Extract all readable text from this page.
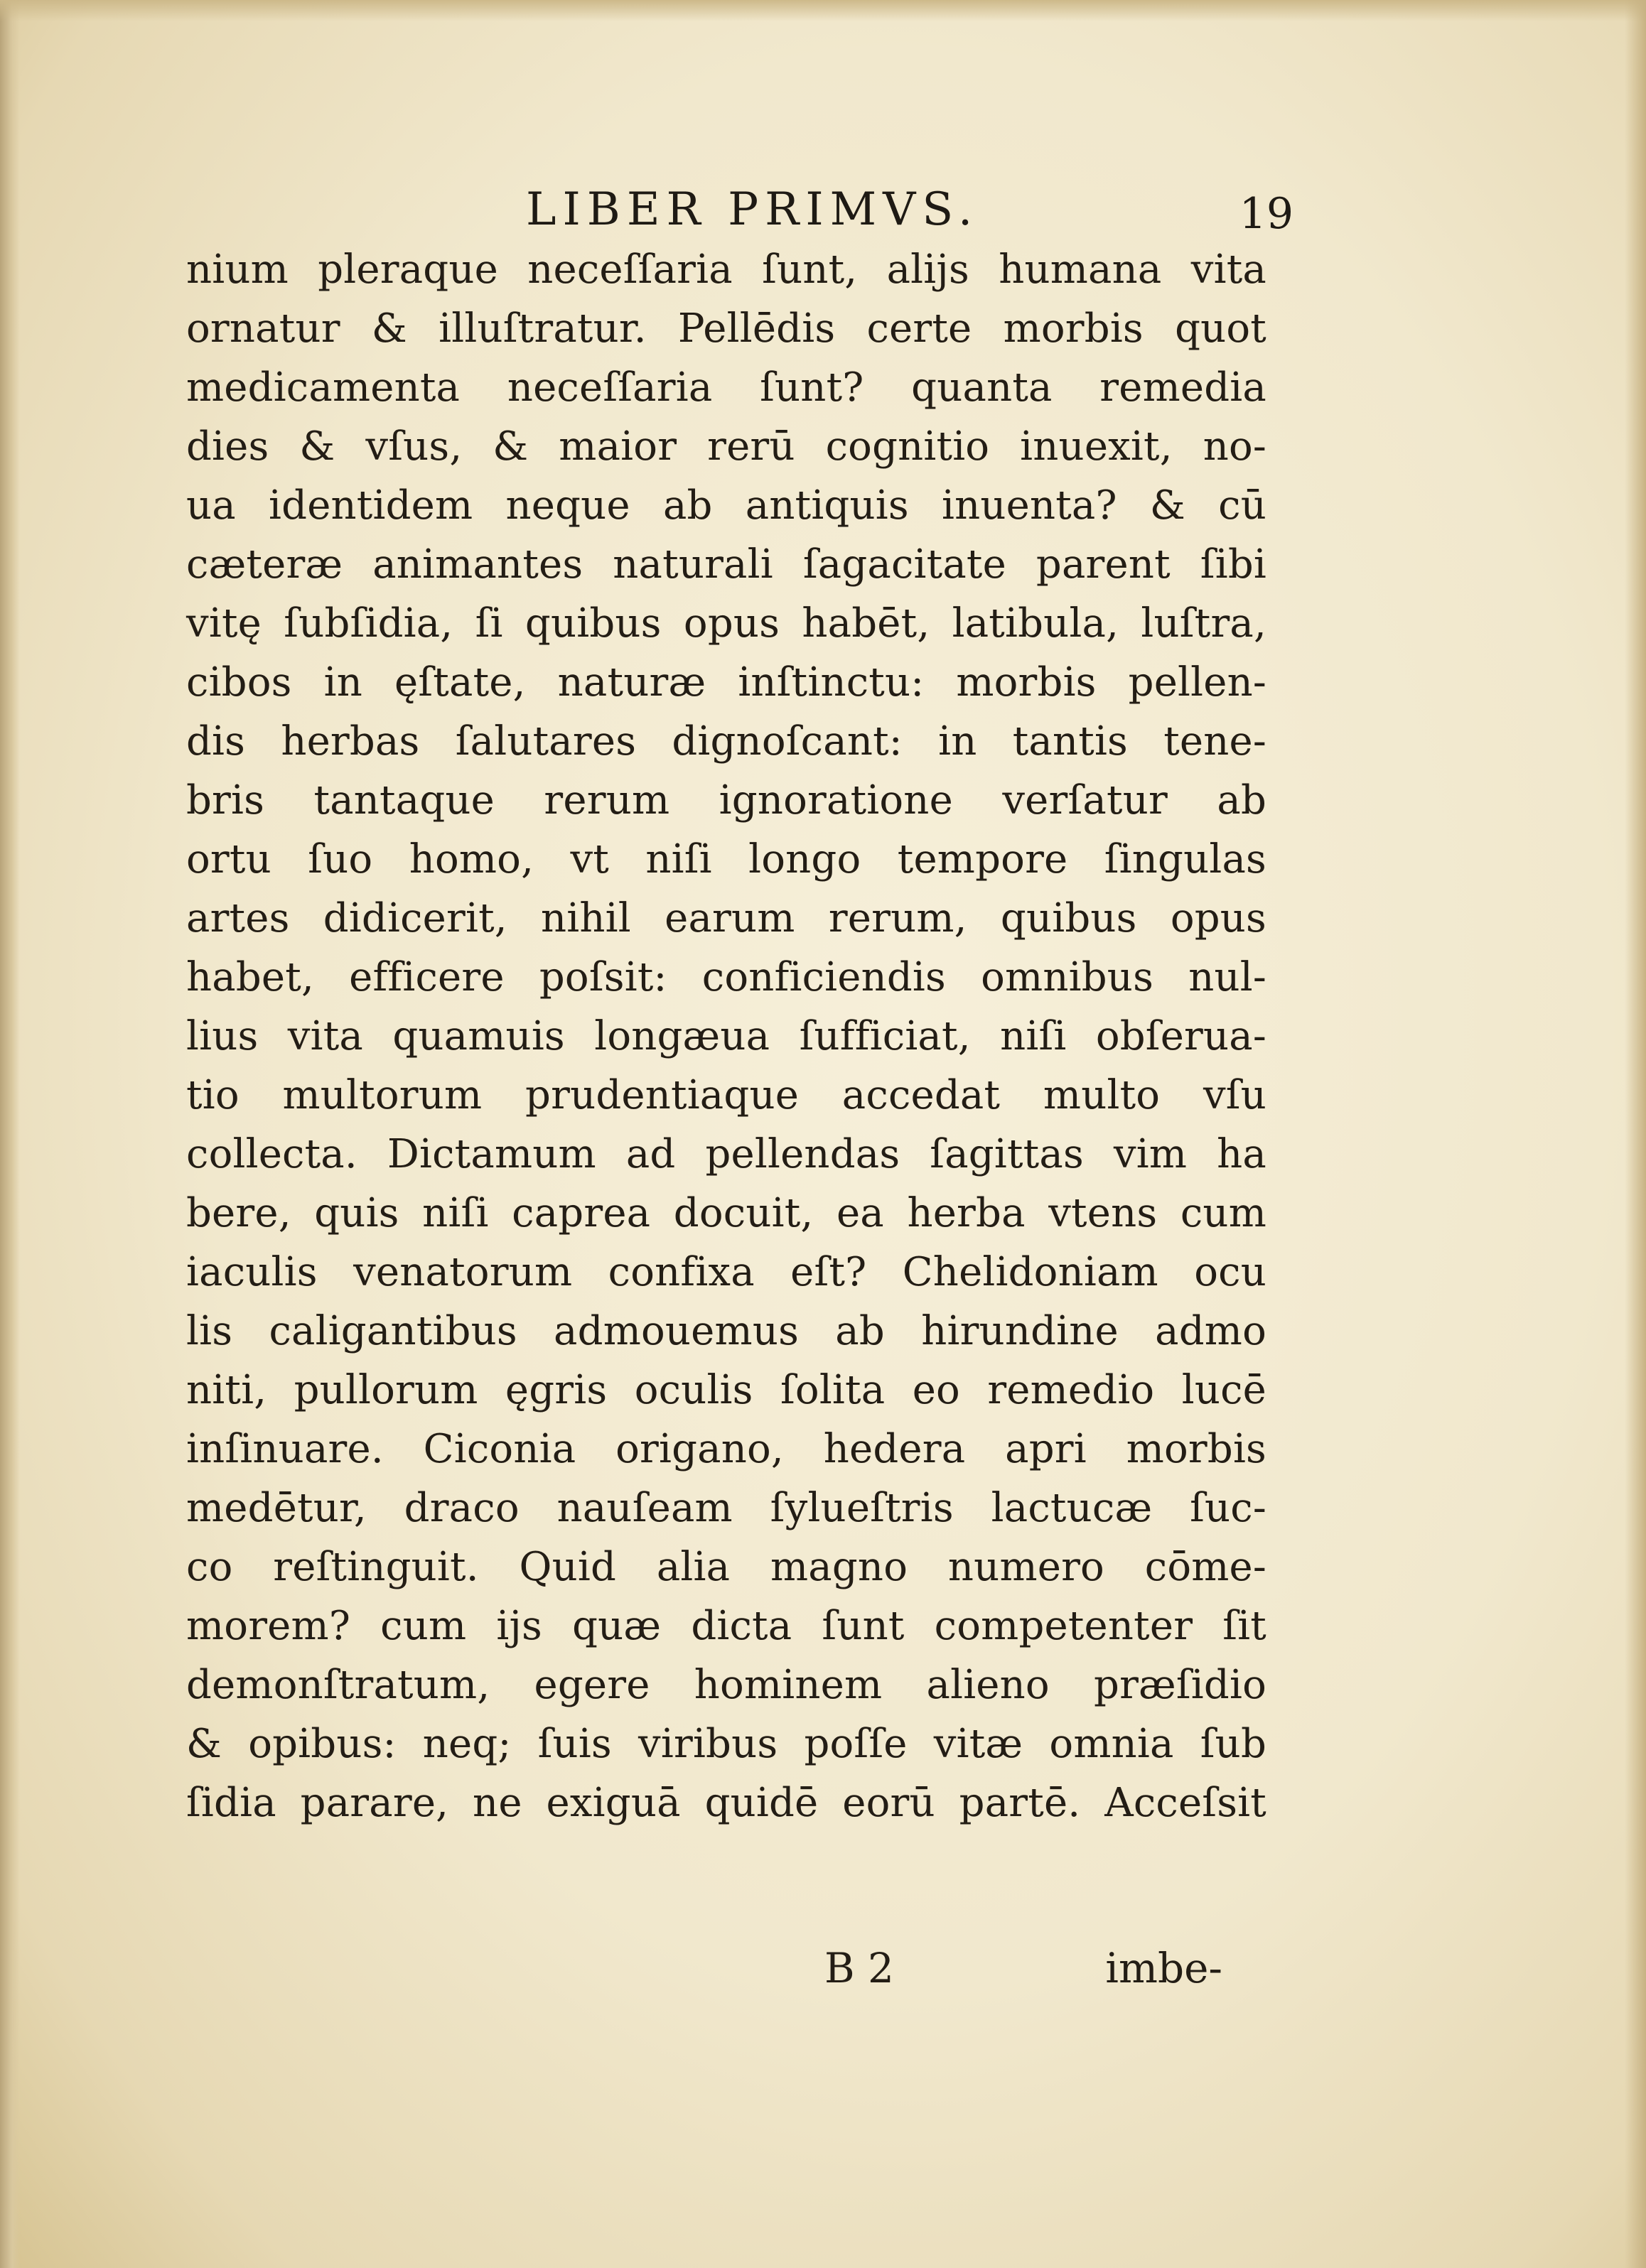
LIBER PRIMVS.	19
nium pleraque neceſſaria ſunt, alijs humana vita
ornatur & illuſtratur. Pellēdis certe morbis quot
medicamenta neceſſaria ſunt? quanta remedia
dies & vſus, & maior rerū cognitio inuexit, no-
ua identidem neque ab antiquis inuenta? & cū
cæteræ animantes naturali ſagacitate parent ſibi
vitę ſubſidia, ſi quibus opus habēt, latibula, luſtra,
cibos in ęſtate, naturæ inſtinctu: morbis pellen-
dis herbas ſalutares dignoſcant: in tantis tene-
bris tantaque rerum ignoratione verſatur ab
ortu ſuo homo, vt niſi longo tempore ſingulas
artes didicerit, nihil earum rerum, quibus opus
habet, efficere poſsit: conficiendis omnibus nul-
lius vita quamuis longæua ſufficiat, niſi obſerua-
tio multorum prudentiaque accedat multo vſu
collecta. Dictamum ad pellendas ſagittas vim ha
bere, quis niſi caprea docuit, ea herba vtens cum
iaculis venatorum confixa eſt? Chelidoniam ocu
lis caligantibus admouemus ab hirundine admo
niti, pullorum ęgris oculis ſolita eo remedio lucē
inſinuare. Ciconia origano, hedera apri morbis
medētur, draco nauſeam ſylueſtris lactucæ ſuc-
co reſtinguit. Quid alia magno numero cōme-
morem? cum ijs quæ dicta ſunt competenter ſit
demonſtratum, egere hominem alieno præſidio
& opibus: neq; ſuis viribus poſſe vitæ omnia ſub
ſidia parare, ne exiguā quidē eorū partē. Acceſsit
B 2	imbe-
